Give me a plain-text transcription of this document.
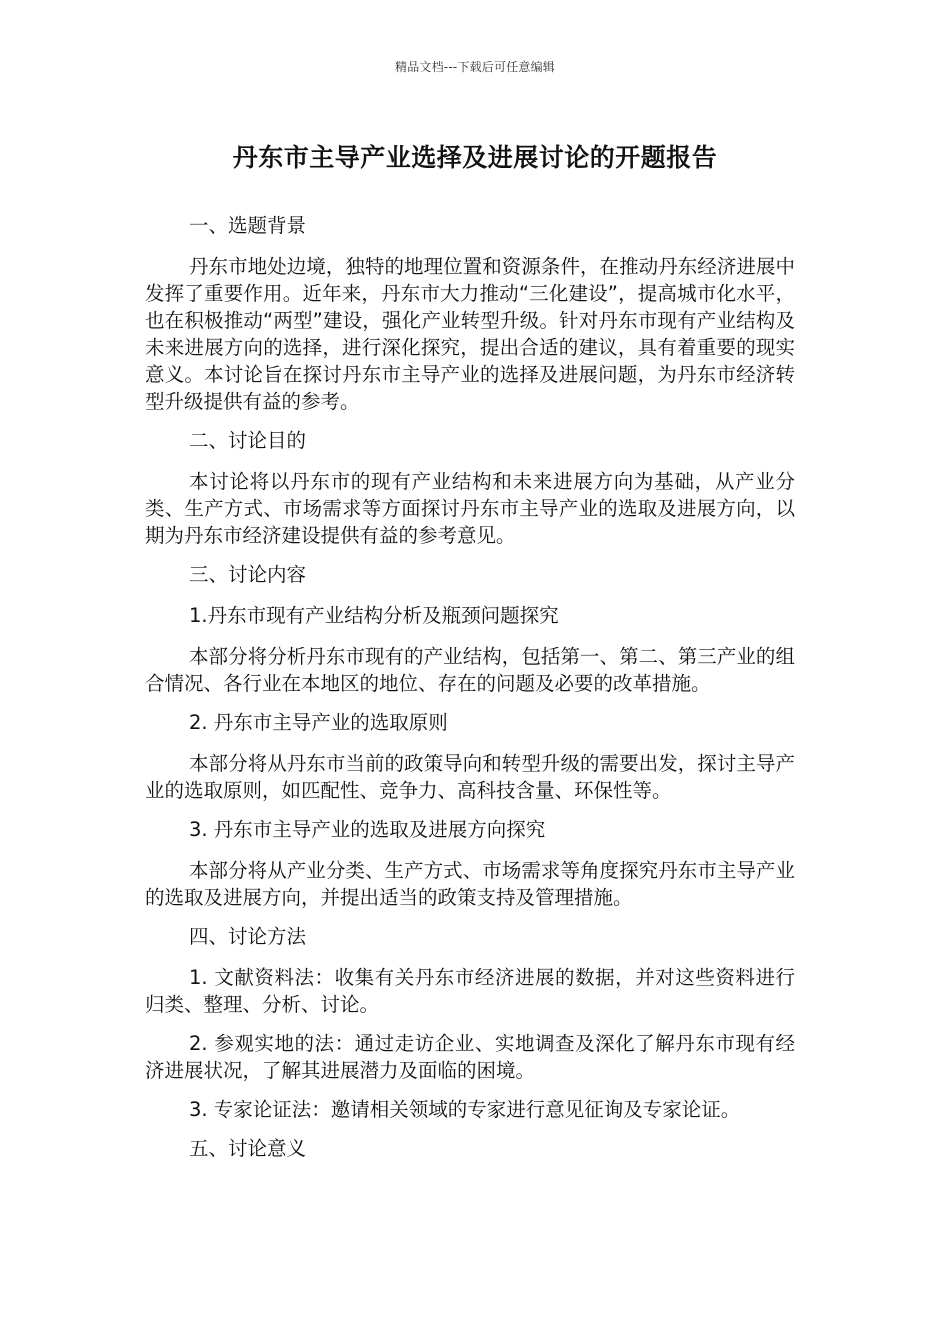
精品文档---下载后可任意编辑
丹东市主导产业选择及进展讨论的开题报告

一、选题背景

丹东市地处边境，独特的地理位置和资源条件，在推动丹东经济进展中发挥了重要作用。近年来，丹东市大力推动“三化建设”，提高城市化水平，也在积极推动“两型”建设，强化产业转型升级。针对丹东市现有产业结构及未来进展方向的选择，进行深化探究，提出合适的建议，具有着重要的现实意义。本讨论旨在探讨丹东市主导产业的选择及进展问题，为丹东市经济转型升级提供有益的参考。

二、讨论目的

本讨论将以丹东市的现有产业结构和未来进展方向为基础，从产业分类、生产方式、市场需求等方面探讨丹东市主导产业的选取及进展方向，以期为丹东市经济建设提供有益的参考意见。

三、讨论内容

1.丹东市现有产业结构分析及瓶颈问题探究

本部分将分析丹东市现有的产业结构，包括第一、第二、第三产业的组合情况、各行业在本地区的地位、存在的问题及必要的改革措施。

2. 丹东市主导产业的选取原则

本部分将从丹东市当前的政策导向和转型升级的需要出发，探讨主导产业的选取原则，如匹配性、竞争力、高科技含量、环保性等。

3. 丹东市主导产业的选取及进展方向探究

本部分将从产业分类、生产方式、市场需求等角度探究丹东市主导产业的选取及进展方向，并提出适当的政策支持及管理措施。

四、讨论方法

1. 文献资料法：收集有关丹东市经济进展的数据，并对这些资料进行归类、整理、分析、讨论。

2. 参观实地的法：通过走访企业、实地调查及深化了解丹东市现有经济进展状况，了解其进展潜力及面临的困境。

3. 专家论证法：邀请相关领域的专家进行意见征询及专家论证。

五、讨论意义
